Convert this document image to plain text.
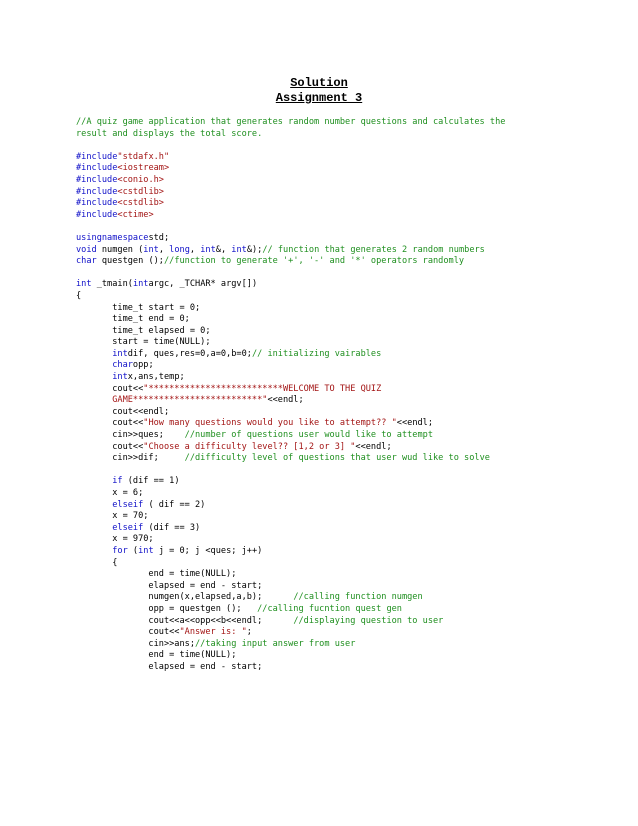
Solution
Assignment 3
//A quiz game application that generates random number questions and calculates the
result and displays the total score.

#include"stdafx.h"
#include<iostream>
#include<conio.h>
#include<cstdlib>
#include<cstdlib>
#include<ctime>

usingnamespacestd;
void numgen (int, long, int&, int&);// function that generates 2 random numbers
char questgen ();//function to generate '+', '-' and '*' operators randomly

int _tmain(intargc, _TCHAR* argv[])
{
time_t start = 0;
time_t end = 0;
time_t elapsed = 0;
start = time(NULL);
intdif, ques,res=0,a=0,b=0;// initializing vairables
charopp;
intx,ans,temp;
cout<<"**************************WELCOME TO THE QUIZ
GAME*************************"<<endl;
cout<<endl;
cout<<"How many questions would you like to attempt?? "<<endl;
cin>>ques;    //number of questions user would like to attempt
cout<<"Choose a difficulty level?? [1,2 or 3] "<<endl;
cin>>dif;     //difficulty level of questions that user wud like to solve

if (dif == 1)
x = 6;
elseif ( dif == 2)
x = 70;
elseif (dif == 3)
x = 970;
for (int j = 0; j <ques; j++)
{
end = time(NULL);
elapsed = end - start;
numgen(x,elapsed,a,b);      //calling function numgen
opp = questgen ();   //calling fucntion quest gen
cout<<a<<opp<<b<<endl;      //displaying question to user
cout<<"Answer is: ";
cin>>ans;//taking input answer from user
end = time(NULL);
elapsed = end - start;
